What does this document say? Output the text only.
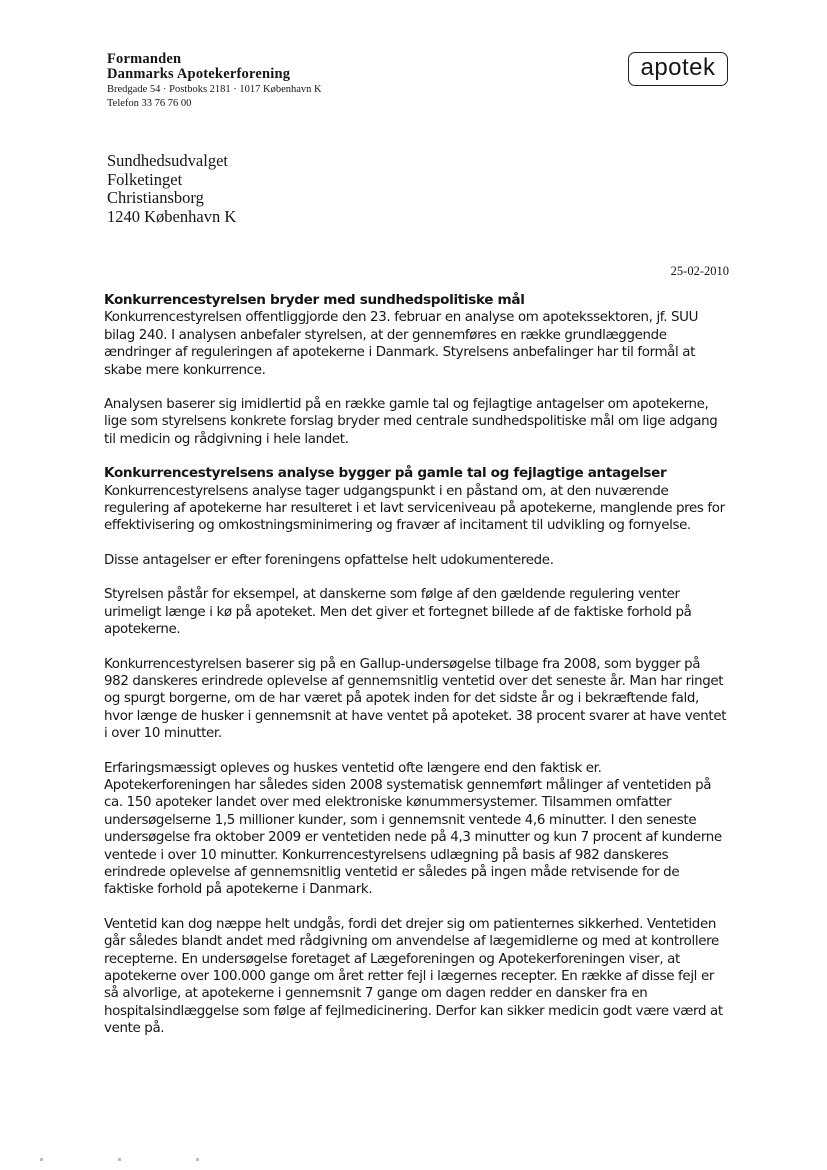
Formanden
Danmarks Apotekerforening
Bredgade 54 · Postboks 2181 · 1017 København K
Telefon 33 76 76 00
apotek
Sundhedsudvalget
Folketinget
Christiansborg
1240 København K
25-02-2010
Konkurrencestyrelsen bryder med sundhedspolitiske mål

Konkurrencestyrelsen offentliggjorde den 23. februar en analyse om apotekssektoren, jf. SUU bilag 240. I analysen anbefaler styrelsen, at der gennemføres en række grundlæggende ændringer af reguleringen af apotekerne i Danmark. Styrelsens anbefalinger har til formål at skabe mere konkurrence.

Analysen baserer sig imidlertid på en række gamle tal og fejlagtige antagelser om apotekerne, lige som styrelsens konkrete forslag bryder med centrale sundhedspolitiske mål om lige adgang til medicin og rådgivning i hele landet.

Konkurrencestyrelsens analyse bygger på gamle tal og fejlagtige antagelser

Konkurrencestyrelsens analyse tager udgangspunkt i en påstand om, at den nuværende regulering af apotekerne har resulteret i et lavt serviceniveau på apotekerne, manglende pres for effektivisering og omkostningsminimering og fravær af incitament til udvikling og fornyelse.

Disse antagelser er efter foreningens opfattelse helt udokumenterede.

Styrelsen påstår for eksempel, at danskerne som følge af den gældende regulering venter urimeligt længe i kø på apoteket. Men det giver et fortegnet billede af de faktiske forhold på apotekerne.

Konkurrencestyrelsen baserer sig på en Gallup-undersøgelse tilbage fra 2008, som bygger på 982 danskeres erindrede oplevelse af gennemsnitlig ventetid over det seneste år. Man har ringet og spurgt borgerne, om de har været på apotek inden for det sidste år og i bekræftende fald, hvor længe de husker i gennemsnit at have ventet på apoteket. 38 procent svarer at have ventet i over 10 minutter.

Erfaringsmæssigt opleves og huskes ventetid ofte længere end den faktisk er. Apotekerforeningen har således siden 2008 systematisk gennemført målinger af ventetiden på ca. 150 apoteker landet over med elektroniske kønummersystemer. Tilsammen omfatter undersøgelserne 1,5 millioner kunder, som i gennemsnit ventede 4,6 minutter. I den seneste undersøgelse fra oktober 2009 er ventetiden nede på 4,3 minutter og kun 7 procent af kunderne ventede i over 10 minutter. Konkurrencestyrelsens udlægning på basis af 982 danskeres erindrede oplevelse af gennemsnitlig ventetid er således på ingen måde retvisende for de faktiske forhold på apotekerne i Danmark.

Ventetid kan dog næppe helt undgås, fordi det drejer sig om patienternes sikkerhed. Ventetiden går således blandt andet med rådgivning om anvendelse af lægemidlerne og med at kontrollere recepterne. En undersøgelse foretaget af Lægeforeningen og Apotekerforeningen viser, at apotekerne over 100.000 gange om året retter fejl i lægernes recepter. En række af disse fejl er så alvorlige, at apotekerne i gennemsnit 7 gange om dagen redder en dansker fra en hospitalsindlæggelse som følge af fejlmedicinering. Derfor kan sikker medicin godt være værd at vente på.
